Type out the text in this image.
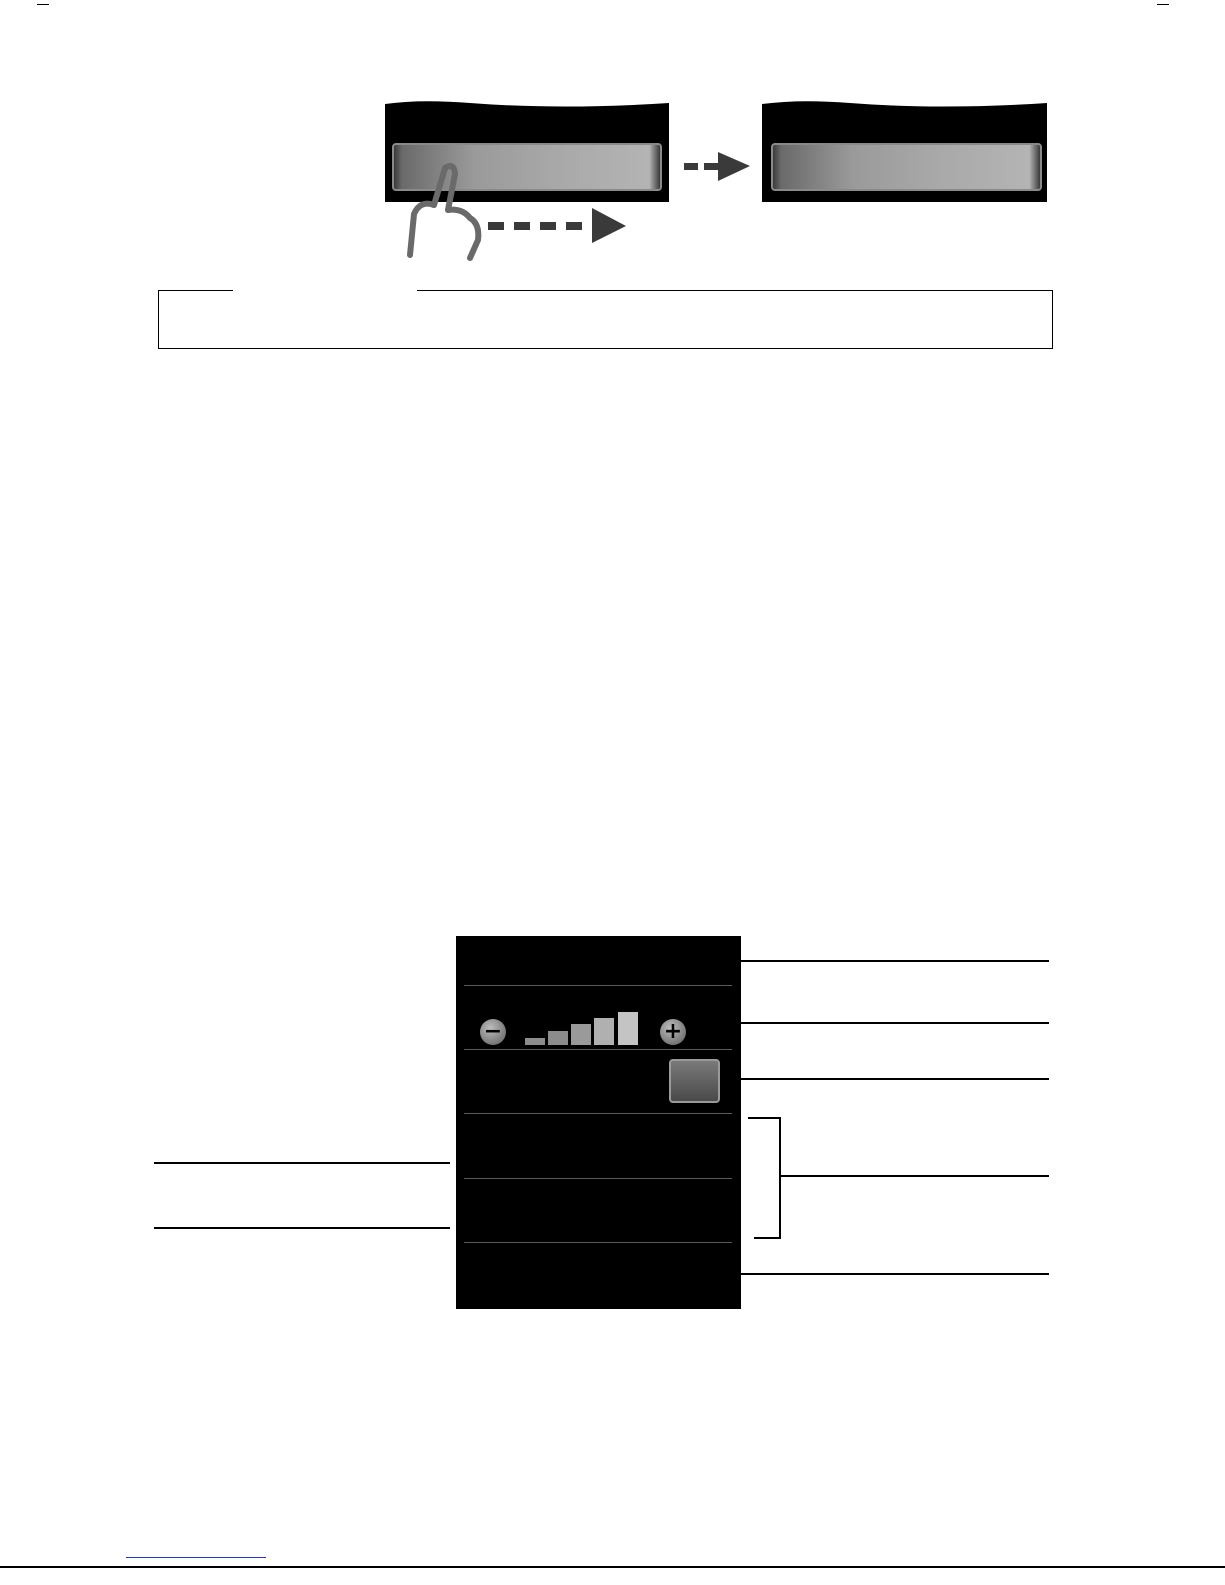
−	+
